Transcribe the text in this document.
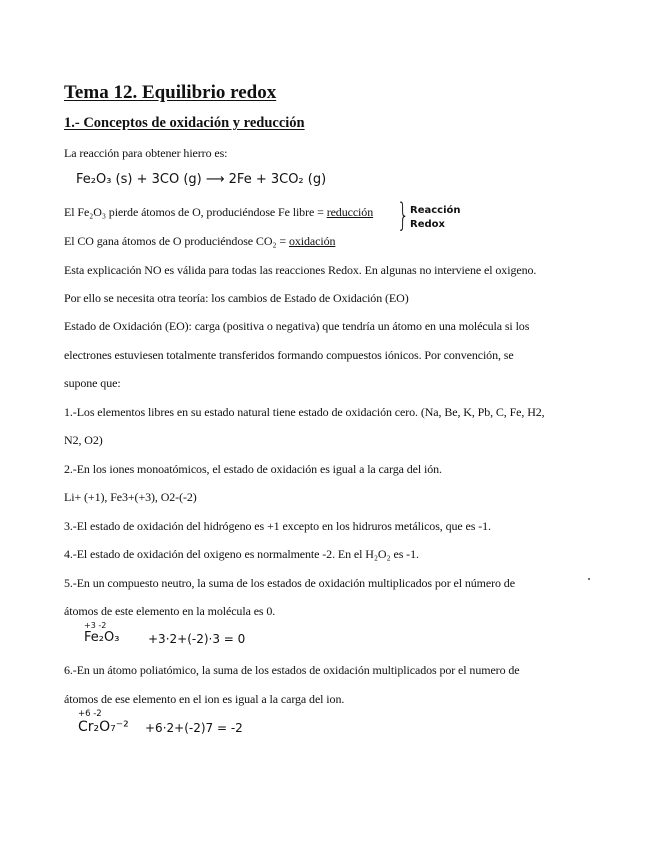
Tema 12. Equilibrio redox
1.- Conceptos de oxidación y reducción
La reacción para obtener hierro es:
Fe₂O₃ (s) + 3CO (g) ⟶ 2Fe + 3CO₂ (g)
El Fe₂O₃ pierde átomos de O, produciéndose Fe libre = reducción
El CO gana átomos de O produciéndose CO₂ = oxidación
} Reacción
Redox
Esta explicación NO es válida para todas las reacciones Redox. En algunas no interviene el oxigeno.
Por ello se necesita otra teoría: los cambios de Estado de Oxidación (EO)
Estado de Oxidación (EO): carga (positiva o negativa) que tendría un átomo en una molécula si los
electrones estuviesen totalmente transferidos formando compuestos iónicos. Por convención, se
supone que:
1.-Los elementos libres en su estado natural tiene estado de oxidación cero. (Na, Be, K, Pb, C, Fe, H2,
N2, O2)
2.-En los iones monoatómicos, el estado de oxidación es igual a la carga del ión.
Li+ (+1), Fe3+(+3), O2-(-2)
3.-El estado de oxidación del hidrógeno es +1 excepto en los hidruros metálicos, que es -1.
4.-El estado de oxidación del oxigeno es normalmente -2. En el H₂O₂ es -1.
5.-En un compuesto neutro, la suma de los estados de oxidación multiplicados por el número de
átomos de este elemento en la molécula es 0.
+3 -2
Fe₂O₃ +3·2+(-2)·3 = 0
6.-En un átomo poliatómico, la suma de los estados de oxidación multiplicados por el numero de
átomos de ese elemento en el ion es igual a la carga del ion.
+6 -2
Cr₂O₇⁻² +6·2+(-2)7 = -2
